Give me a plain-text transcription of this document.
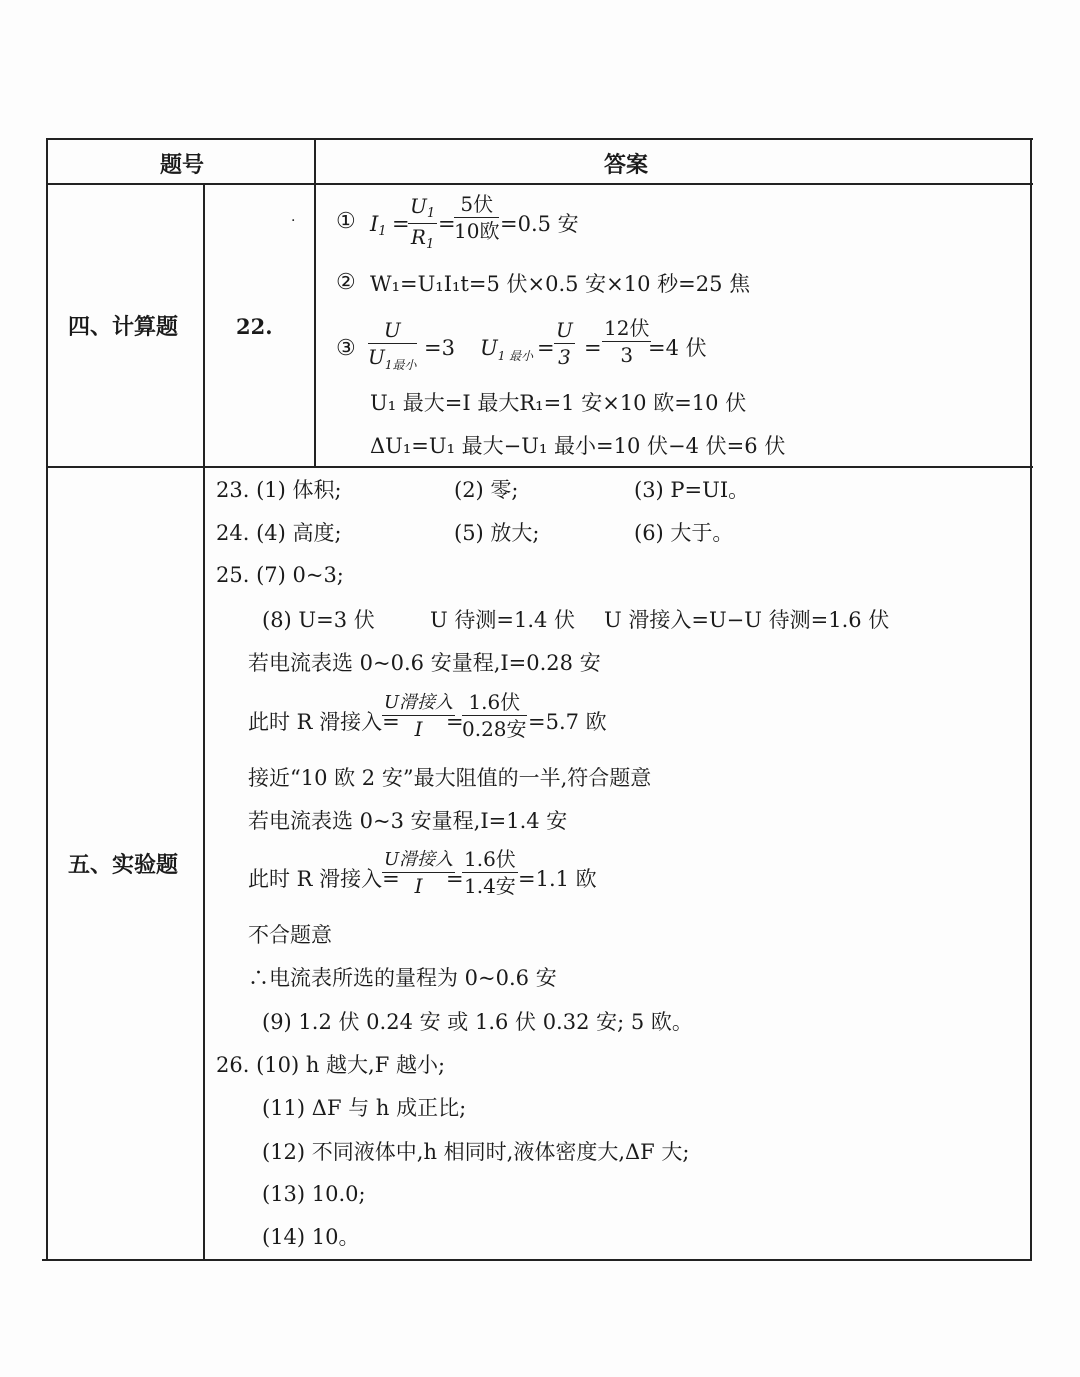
题号	答案
四、计算题	22.
· ① $I_1$ =
$\frac{U_1}{R_1}$ =
5伏
10欧 =0.5 安
② W₁=U₁I₁t=5 伏×0.5 安×10 秒=25 焦
③
U
$U_{1最小}$
=3 $U_{1 最小} = \frac{U}{3}$ =
12伏
3 =4 伏
U₁ 最大=I 最大R₁=1 安×10 欧=10 伏
ΔU₁=U₁ 最大−U₁ 最小=10 伏−4 伏=6 伏
五、实验题
23. (1) 体积;	(2) 零;	(3) P=UI。
24. (4) 高度;	(5) 放大;	(6) 大于。
25. (7) 0~3;
(8) U=3 伏	U 待测=1.4 伏 U 滑接入=U−U 待测=1.6 伏
若电流表选 0~0.6 安量程,I=0.28 安
此时 R 滑接入=
U滑接入
I	=
1.6伏
0.28安 =5.7 欧
接近“10 欧 2 安”最大阻值的一半,符合题意
若电流表选 0~3 安量程,I=1.4 安
此时 R 滑接入=
U滑接入
I	=
1.6伏
1.4安 =1.1 欧
不合题意
∴电流表所选的量程为 0~0.6 安
(9) 1.2 伏 0.24 安 或 1.6 伏 0.32 安; 5 欧。
26. (10) h 越大,F 越小;
(11) ΔF 与 h 成正比;
(12) 不同液体中,h 相同时,液体密度大,ΔF 大;
(13) 10.0;
(14) 10。
